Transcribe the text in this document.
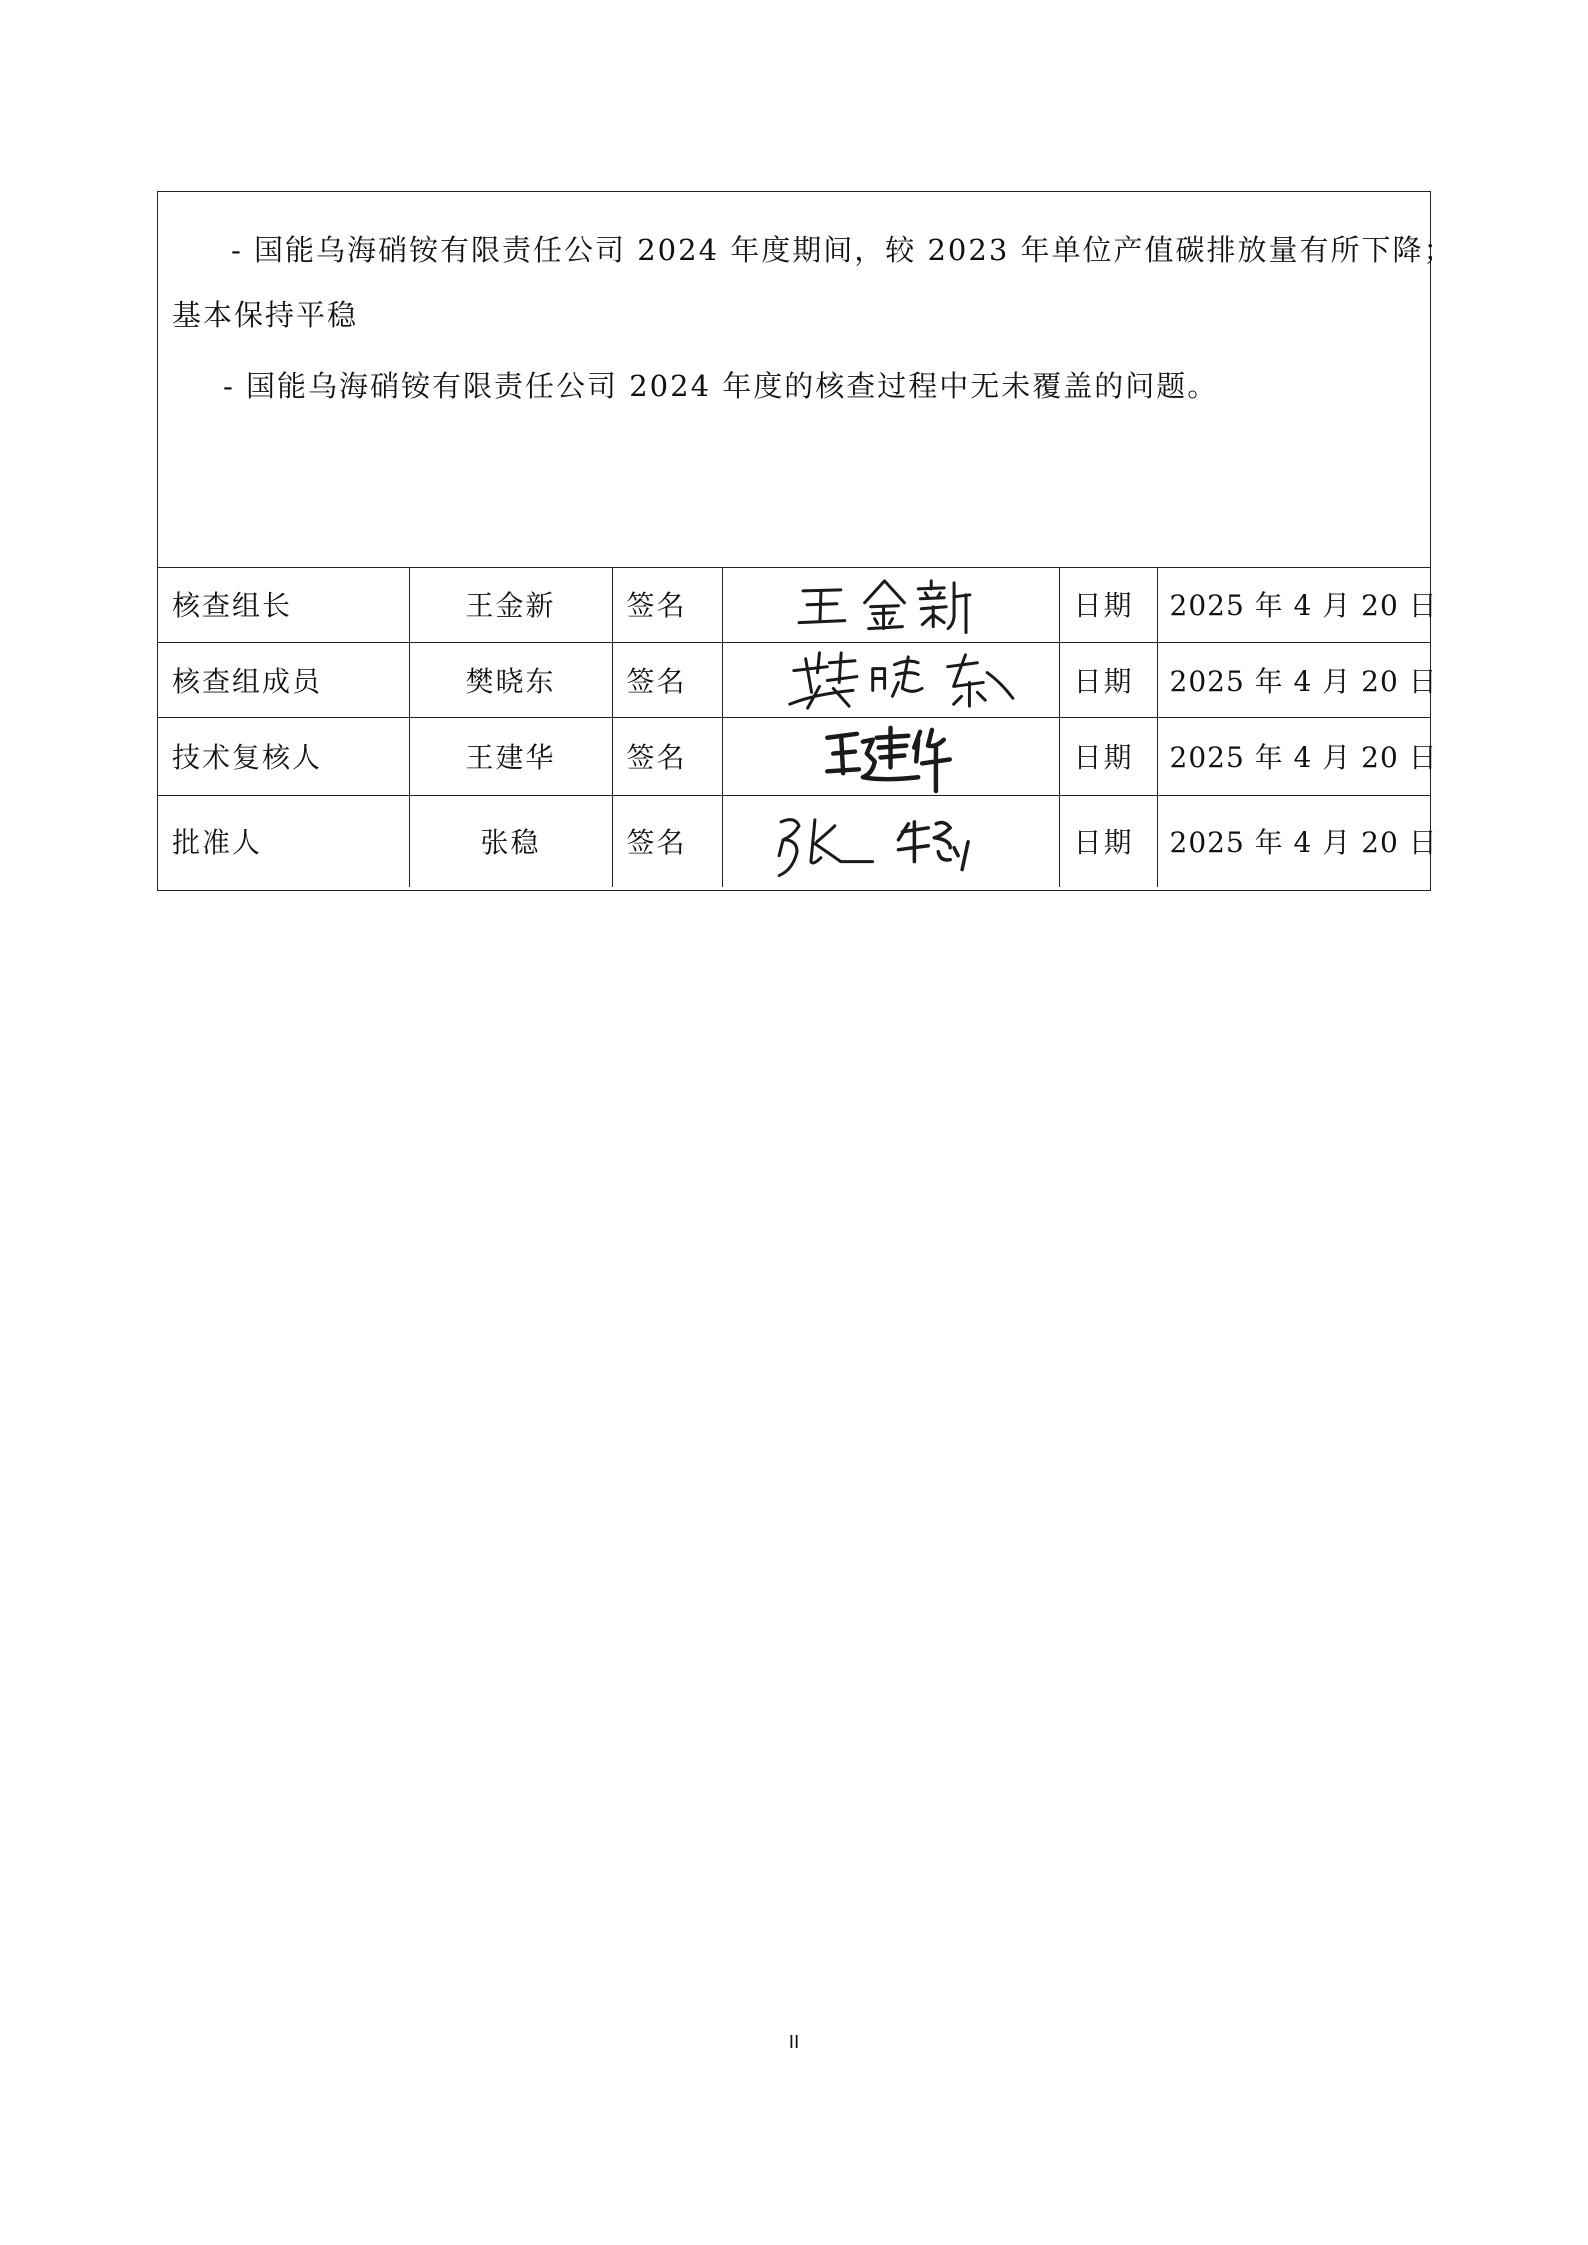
- 国能乌海硝铵有限责任公司 2024 年度期间，较 2023 年单位产值碳排放量有所下降；
基本保持平稳
- 国能乌海硝铵有限责任公司 2024 年度的核查过程中无未覆盖的问题。
核查组长	王金新	签名		日期	2025 年 4 月 20 日
核查组成员	樊晓东	签名		日期	2025 年 4 月 20 日
技术复核人	王建华	签名		日期	2025 年 4 月 20 日
批准人	张稳	签名		日期	2025 年 4 月 20 日
II
